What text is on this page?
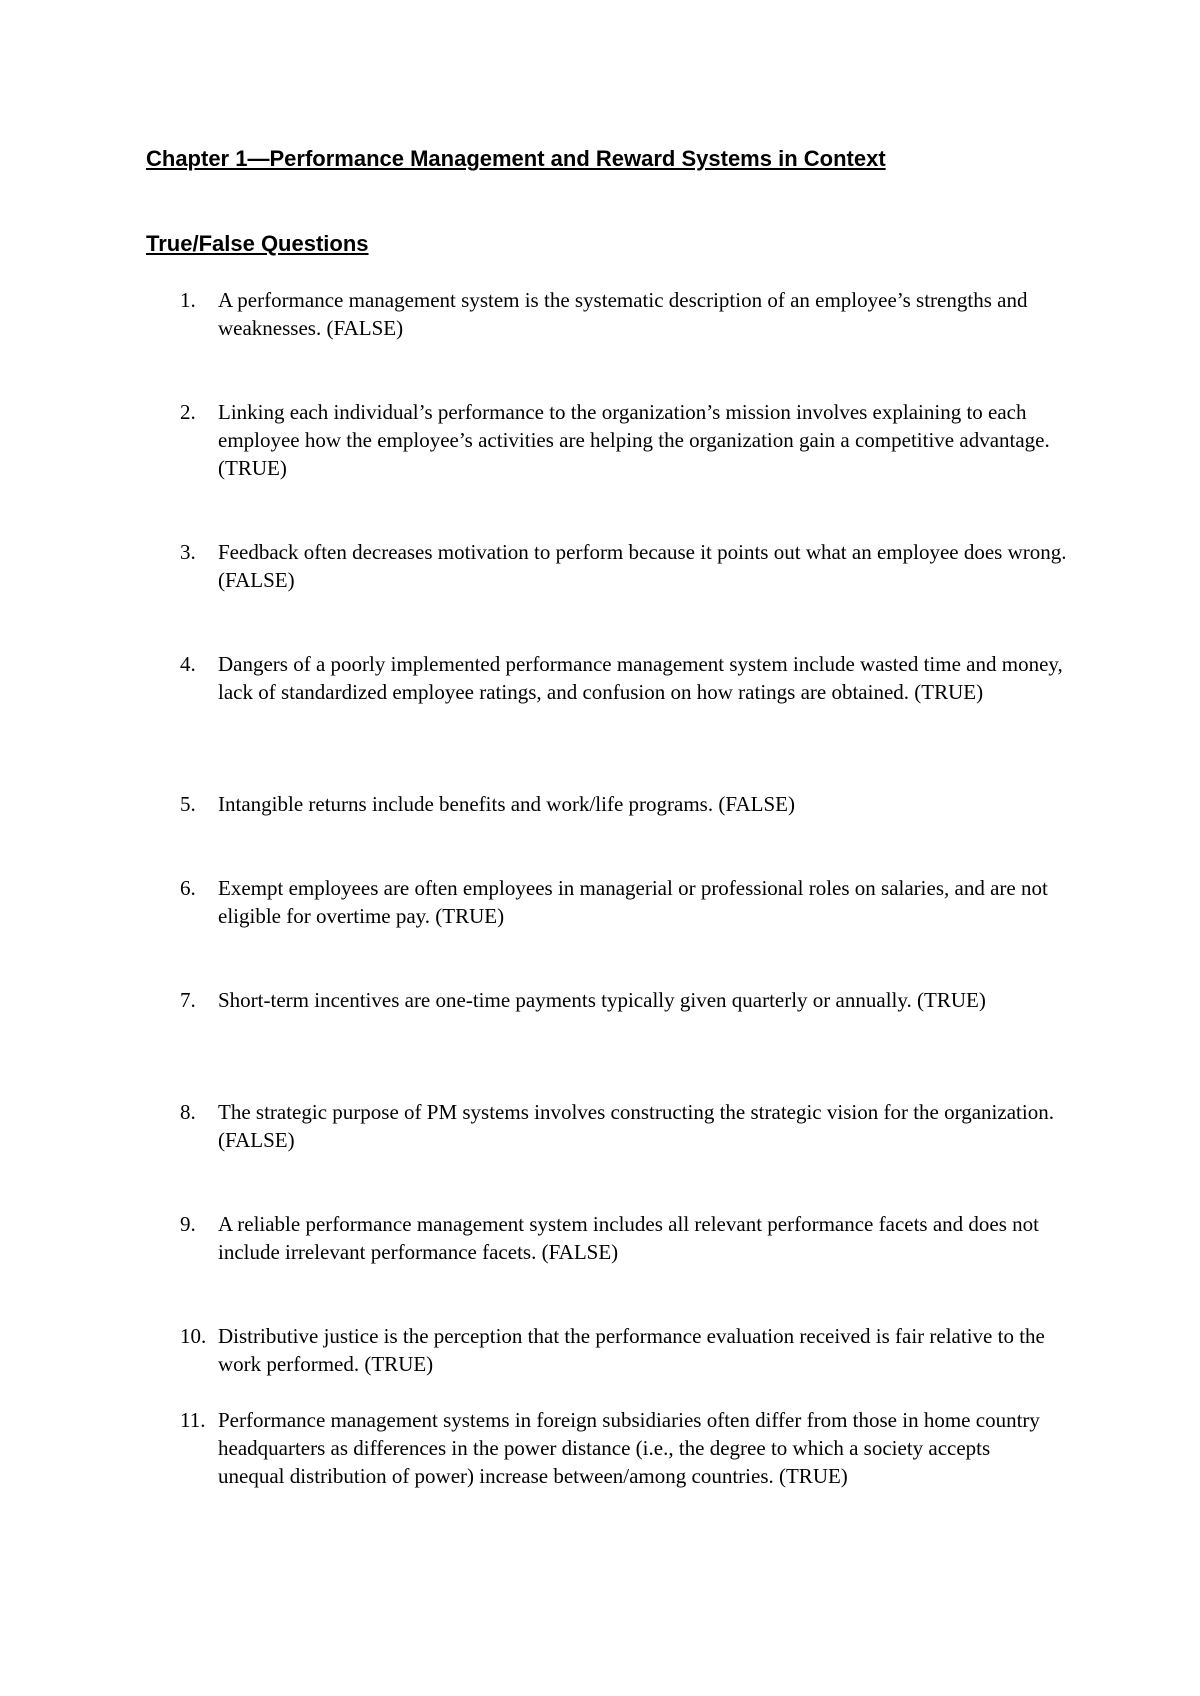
Chapter 1—Performance Management and Reward Systems in Context
True/False Questions
1.	A performance management system is the systematic description of an employee’s strengths and weaknesses. (FALSE)
2.	Linking each individual’s performance to the organization’s mission involves explaining to each employee how the employee’s activities are helping the organization gain a competitive advantage. (TRUE)
3.	Feedback often decreases motivation to perform because it points out what an employee does wrong. (FALSE)
4.	Dangers of a poorly implemented performance management system include wasted time and money, lack of standardized employee ratings, and confusion on how ratings are obtained. (TRUE)
5.	Intangible returns include benefits and work/life programs. (FALSE)
6.	Exempt employees are often employees in managerial or professional roles on salaries, and are not eligible for overtime pay. (TRUE)
7.	Short-term incentives are one-time payments typically given quarterly or annually. (TRUE)
8.	The strategic purpose of PM systems involves constructing the strategic vision for the organization. (FALSE)
9.	A reliable performance management system includes all relevant performance facets and does not include irrelevant performance facets. (FALSE)
10. Distributive justice is the perception that the performance evaluation received is fair relative to the work performed. (TRUE)
11. Performance management systems in foreign subsidiaries often differ from those in home country headquarters as differences in the power distance (i.e., the degree to which a society accepts unequal distribution of power) increase between/among countries. (TRUE)
